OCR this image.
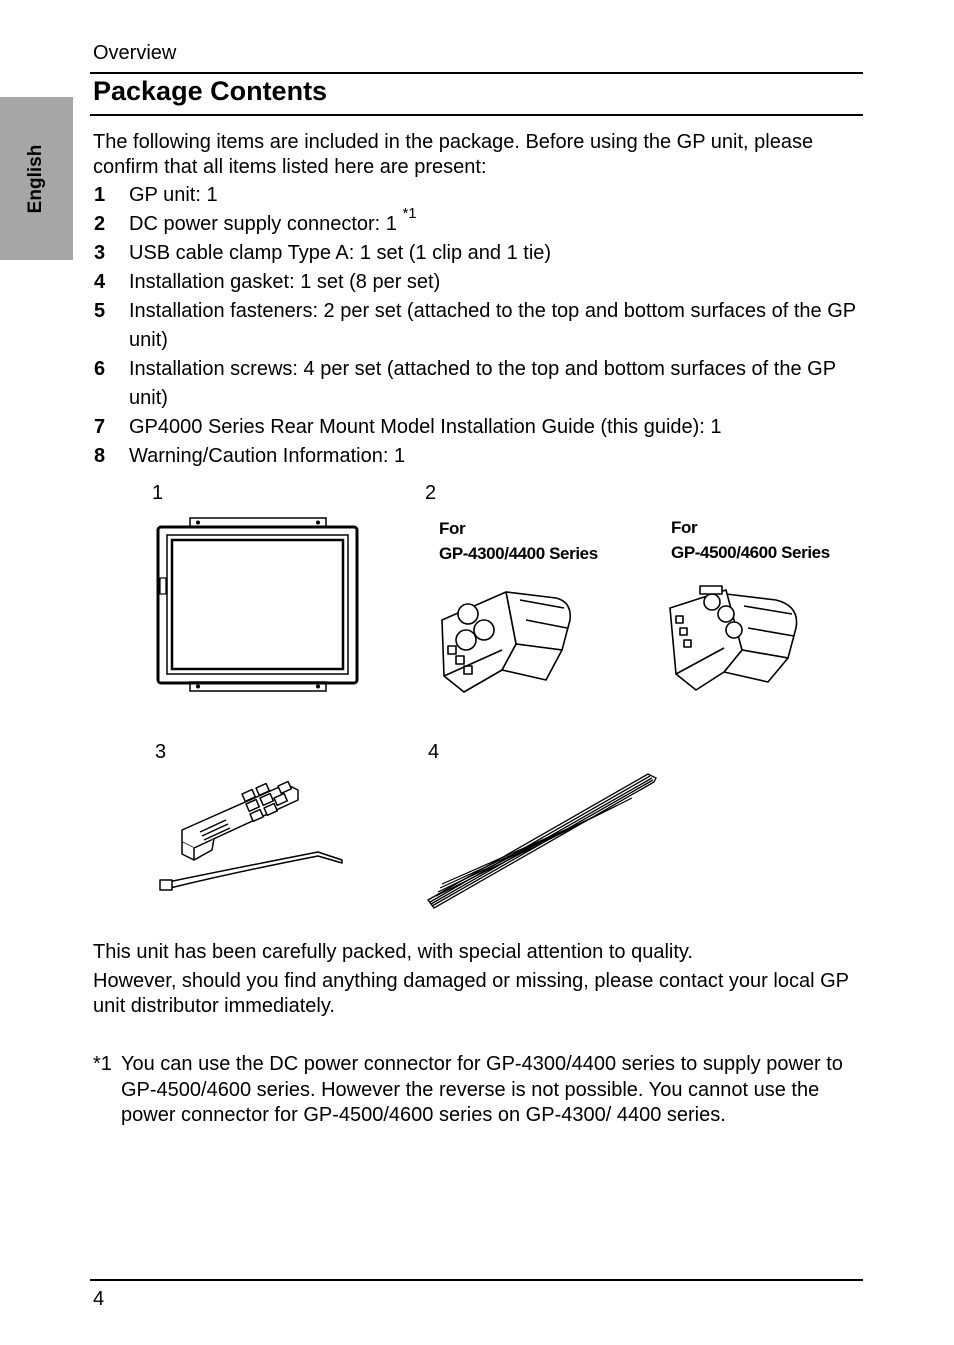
English
Overview
Package Contents
The following items are included in the package. Before using the GP unit, please confirm that all items listed here are present:
1 GP unit: 1
2 DC power supply connector: 1 $^{*1}$
3 USB cable clamp Type A: 1 set (1 clip and 1 tie)
4 Installation gasket: 1 set (8 per set)
5 Installation fasteners: 2 per set (attached to the top and bottom surfaces of the GP unit)
6 Installation screws: 4 per set (attached to the top and bottom surfaces of the GP unit)
7 GP4000 Series Rear Mount Model Installation Guide (this guide): 1
8 Warning/Caution Information: 1
1	2
3	4
For
GP-4300/4400 Series
For
GP-4500/4600 Series
This unit has been carefully packed, with special attention to quality.
However, should you find anything damaged or missing, please contact your local GP unit distributor immediately.
*1 You can use the DC power connector for GP-4300/4400 series to supply power to GP-4500/4600 series. However the reverse is not possible. You cannot use the power connector for GP-4500/4600 series on GP-4300/ 4400 series.
4
